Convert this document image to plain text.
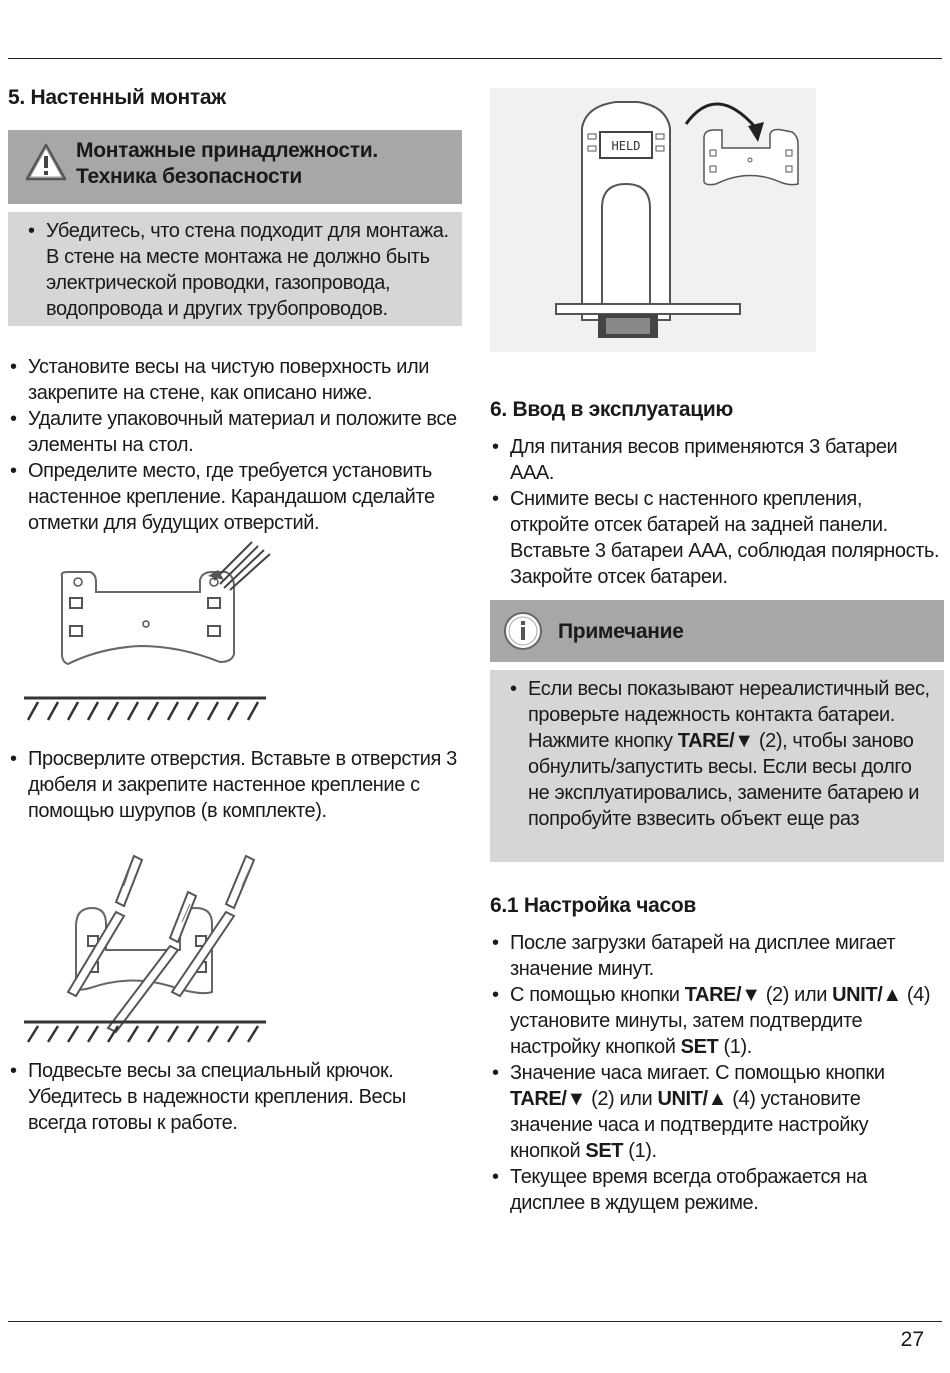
5. Настенный монтаж
Монтажные принадлежности.
Техника безопасности
• Убедитесь, что стена подходит для монтажа. В стене на месте монтажа не должно быть электрической проводки, газопровода, водопровода и других трубопроводов.
• Установите весы на чистую поверхность или закрепите на стене, как описано ниже.
• Удалите упаковочный материал и положите все элементы на стол.
• Определите место, где требуется установить настенное крепление. Карандашом сделайте отметки для будущих отверстий.
• Просверлите отверстия. Вставьте в отверстия 3 дюбеля и закрепите настенное крепление с помощью шурупов (в комплекте).
• Подвесьте весы за специальный крючок. Убедитесь в надежности крепления. Весы всегда готовы к работе.
HELD
6. Ввод в эксплуатацию
• Для питания весов применяются 3 батареи AAA.
• Снимите весы с настенного крепления, откройте отсек батарей на задней панели. Вставьте 3 батареи AAA, соблюдая полярность. Закройте отсек батареи.
Примечание
• Если весы показывают нереалистичный вес, проверьте надежность контакта батареи. Нажмите кнопку TARE/▼ (2), чтобы заново обнулить/запустить весы. Если весы долго не эксплуатировались, замените батарею и попробуйте взвесить объект еще раз
6.1 Настройка часов
• После загрузки батарей на дисплее мигает значение минут.
• С помощью кнопки TARE/▼ (2) или UNIT/▲ (4) установите минуты, затем подтвердите настройку кнопкой SET (1).
• Значение часа мигает. С помощью кнопки TARE/▼ (2) или UNIT/▲ (4) установите значение часа и подтвердите настройку кнопкой SET (1).
• Текущее время всегда отображается на дисплее в ждущем режиме.
27
